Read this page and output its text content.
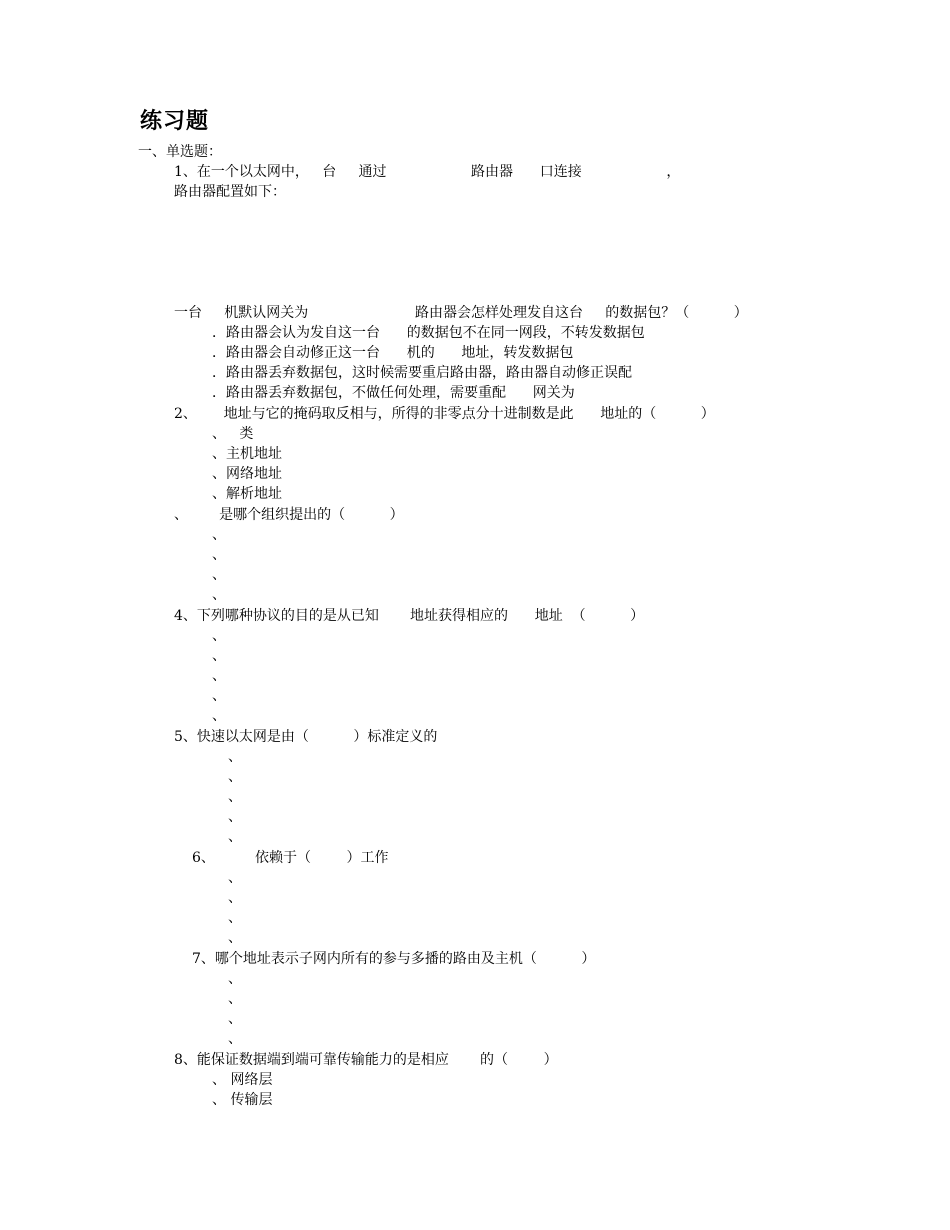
练习题
一、单选题：
1、在一个以太网中，   台     通过                   路由器      口连接                   ，
路由器配置如下：
一台     机默认网关为                        路由器会怎样处理发自这台     的数据包？（          ）
．路由器会认为发自这一台      的数据包不在同一网段，不转发数据包
．路由器会自动修正这一台      机的      地址，转发数据包
．路由器丢弃数据包，这时候需要重启路由器，路由器自动修正误配
．路由器丢弃数据包，不做任何处理，需要重配      网关为
2、      地址与它的掩码取反相与，所得的非零点分十进制数是此      地址的（          ）
、   类
、主机地址
、网络地址
、解析地址
、       是哪个组织提出的（          ）
、
、
、
、
4、下列哪种协议的目的是从已知       地址获得相应的      地址  （          ）
、
、
、
、
、
5、快速以太网是由（          ）标准定义的
、
、
、
、
、
6、         依赖于（        ）工作
、
、
、
、
7、哪个地址表示子网内所有的参与多播的路由及主机（          ）
、
、
、
、
8、能保证数据端到端可靠传输能力的是相应       的（        ）
、 网络层
、 传输层
